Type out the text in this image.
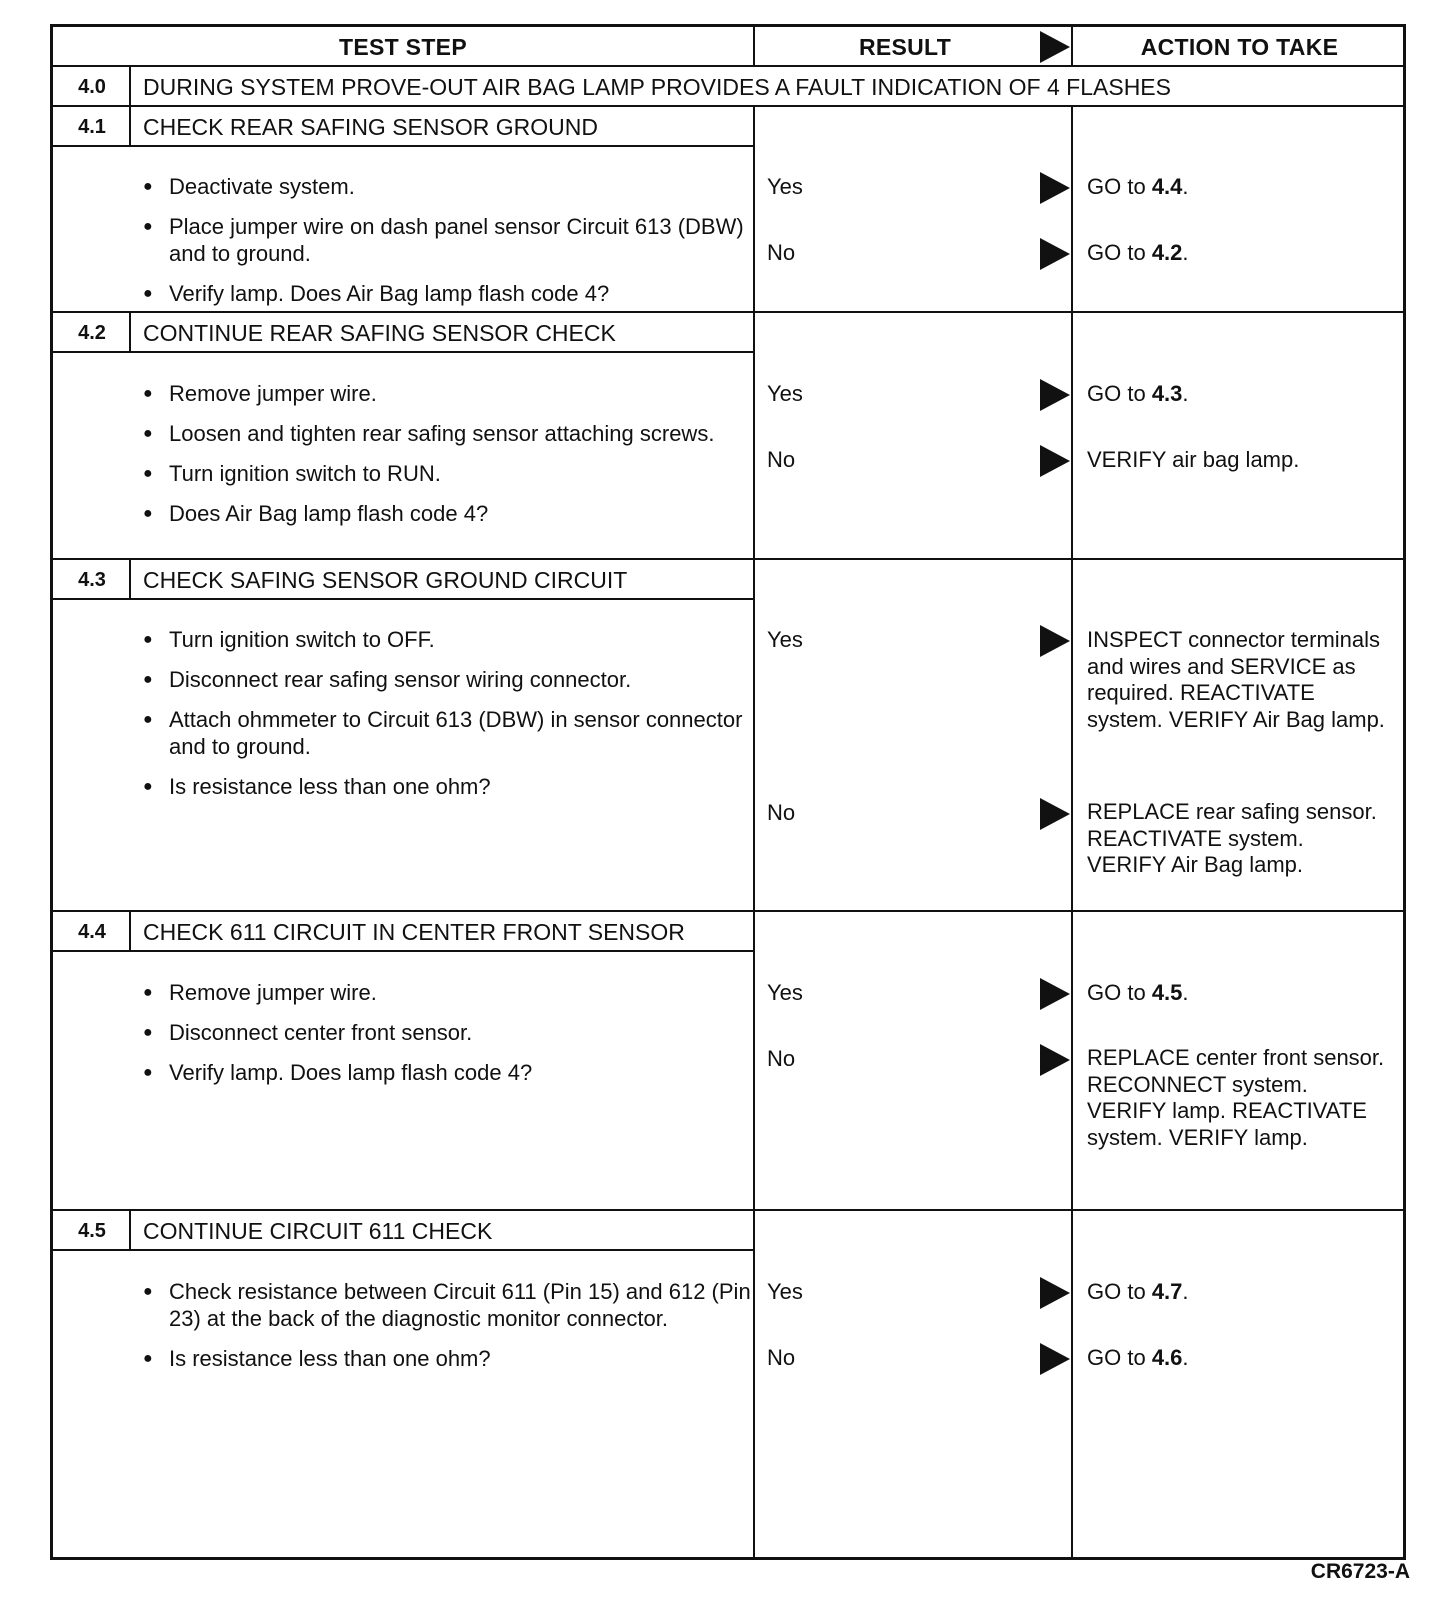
TEST STEP	RESULT	ACTION TO TAKE
4.0	DURING SYSTEM PROVE-OUT AIR BAG LAMP PROVIDES A FAULT INDICATION OF 4 FLASHES
4.1	CHECK REAR SAFING SENSOR GROUND
● Deactivate system.
● Place jumper wire on dash panel sensor Circuit 613 (DBW) and to ground.
● Verify lamp. Does Air Bag lamp flash code 4?
Yes	GO to 4.4.
No	GO to 4.2.
4.2	CONTINUE REAR SAFING SENSOR CHECK
● Remove jumper wire.
● Loosen and tighten rear safing sensor attaching screws.
● Turn ignition switch to RUN.
● Does Air Bag lamp flash code 4?
Yes	GO to 4.3.
No	VERIFY air bag lamp.
4.3	CHECK SAFING SENSOR GROUND CIRCUIT
● Turn ignition switch to OFF.
● Disconnect rear safing sensor wiring connector.
● Attach ohmmeter to Circuit 613 (DBW) in sensor connector and to ground.
● Is resistance less than one ohm?
Yes	INSPECT connector terminals and wires and SERVICE as required. REACTIVATE system. VERIFY Air Bag lamp.
No	REPLACE rear safing sensor. REACTIVATE system. VERIFY Air Bag lamp.
4.4	CHECK 611 CIRCUIT IN CENTER FRONT SENSOR
● Remove jumper wire.
● Disconnect center front sensor.
● Verify lamp. Does lamp flash code 4?
Yes	GO to 4.5.
No	REPLACE center front sensor. RECONNECT system. VERIFY lamp. REACTIVATE system. VERIFY lamp.
4.5	CONTINUE CIRCUIT 611 CHECK
● Check resistance between Circuit 611 (Pin 15) and 612 (Pin 23) at the back of the diagnostic monitor connector.
● Is resistance less than one ohm?
Yes	GO to 4.7.
No	GO to 4.6.
CR6723-A
